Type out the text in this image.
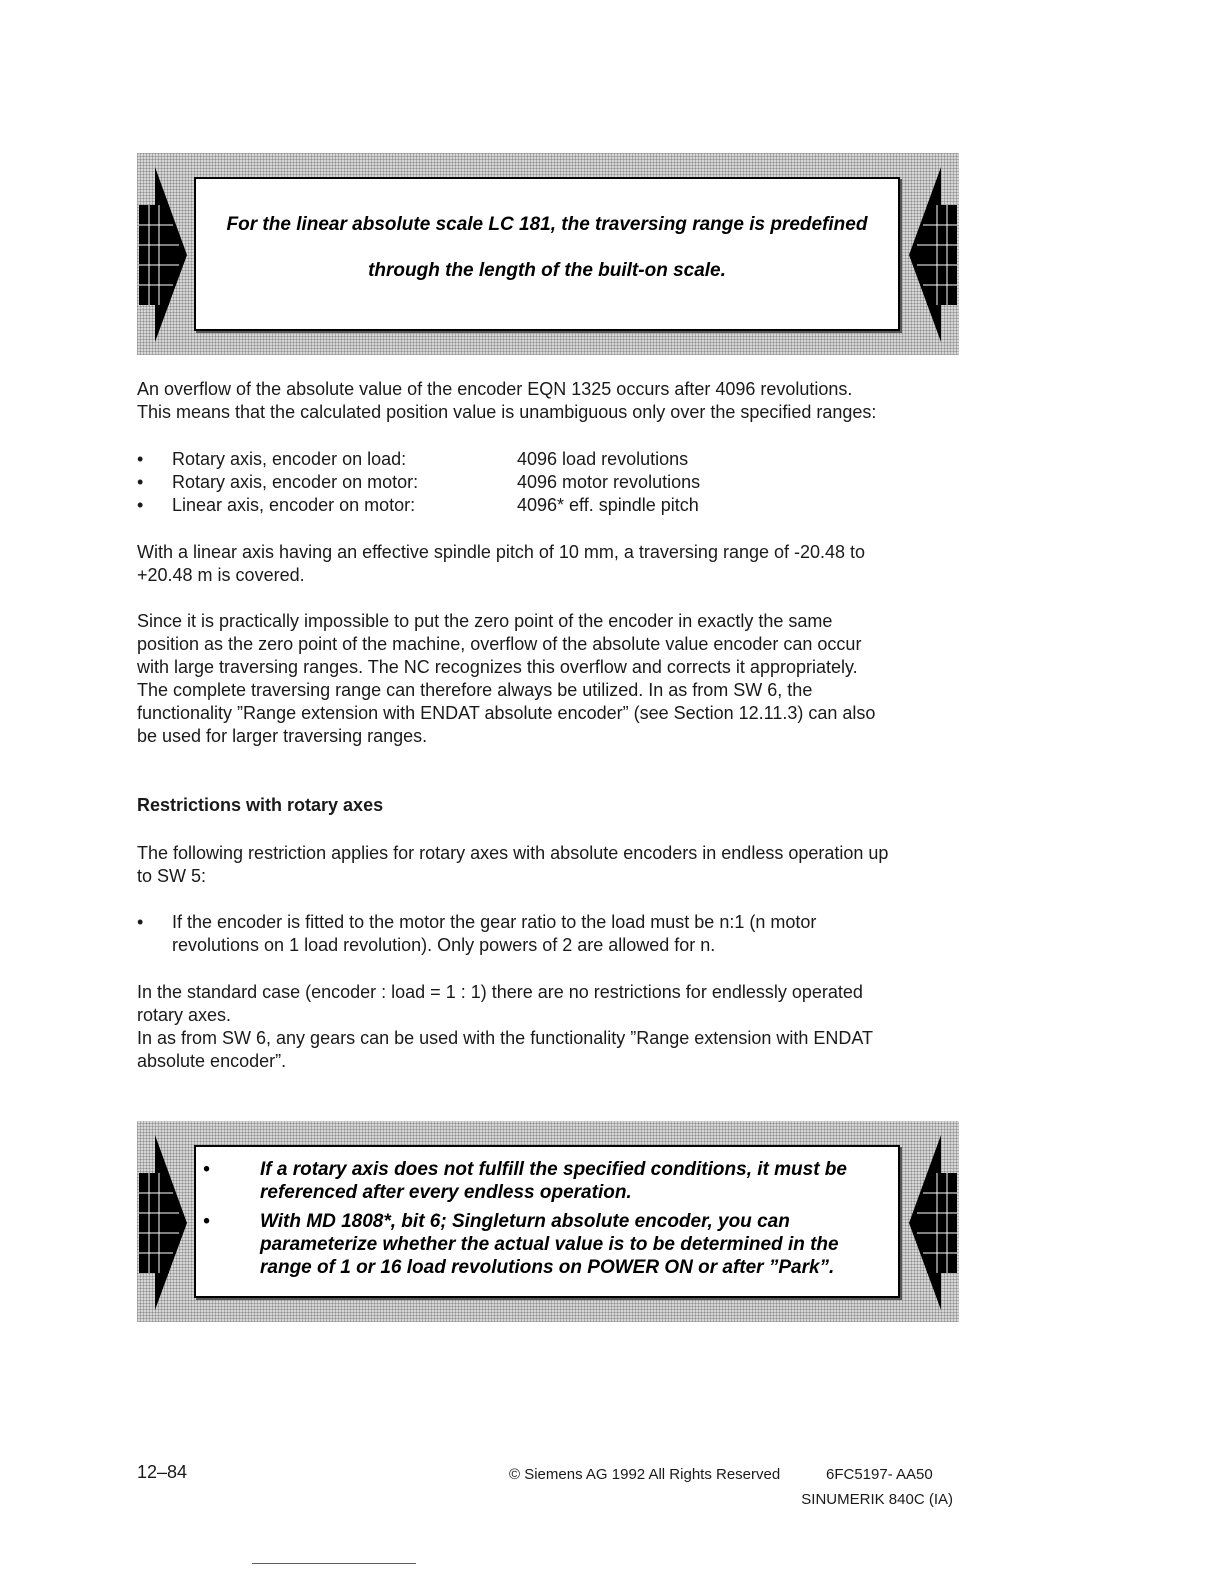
For the linear absolute scale LC 181, the traversing range is predefined
through the length of the built-on scale.

An overflow of the absolute value of the encoder EQN 1325 occurs after 4096 revolutions.

This means that the calculated position value is unambiguous only over the specified ranges:

• Rotary axis, encoder on load:	4096 load revolutions
• Rotary axis, encoder on motor:	4096 motor revolutions
• Linear axis, encoder on motor:	4096* eff. spindle pitch

With a linear axis having an effective spindle pitch of 10 mm, a traversing range of -20.48 to

+20.48 m is covered.

Since it is practically impossible to put the zero point of the encoder in exactly the same

position as the zero point of the machine, overflow of the absolute value encoder can occur

with large traversing ranges. The NC recognizes this overflow and corrects it appropriately.

The complete traversing range can therefore always be utilized. In as from SW 6, the

functionality ”Range extension with ENDAT absolute encoder” (see Section 12.11.3) can also

be used for larger traversing ranges.

Restrictions with rotary axes

The following restriction applies for rotary axes with absolute encoders in endless operation up

to SW 5:

• If the encoder is fitted to the motor the gear ratio to the load must be n:1 (n motor
revolutions on 1 load revolution). Only powers of 2 are allowed for n.

In the standard case (encoder : load = 1 : 1) there are no restrictions for endlessly operated

rotary axes.

In as from SW 6, any gears can be used with the functionality ”Range extension with ENDAT

absolute encoder”.

•	If a rotary axis does not fulfill the specified conditions, it must be
referenced after every endless operation.
•	With MD 1808*, bit 6; Singleturn absolute encoder, you can
parameterize whether the actual value is to be determined in the
range of 1 or 16 load revolutions on POWER ON or after ”Park”.
12–84	© Siemens AG 1992 All Rights Reserved	6FC5197- AA50
SINUMERIK 840C (IA)
